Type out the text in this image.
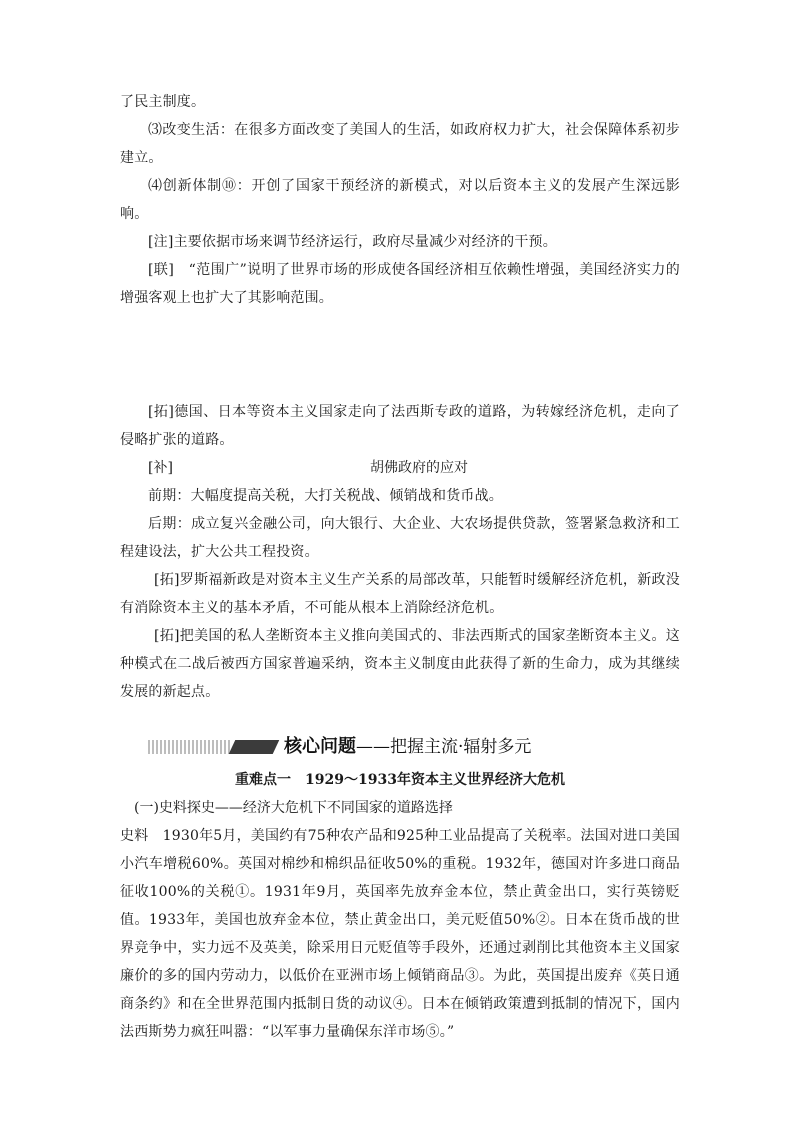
了民主制度。

⑶改变生活：在很多方面改变了美国人的生活，如政府权力扩大，社会保障体系初步建立。

⑷创新体制⑩：开创了国家干预经济的新模式，对以后资本主义的发展产生深远影响。

[注]主要依据市场来调节经济运行，政府尽量减少对经济的干预。

[联]　“范围广”说明了世界市场的形成使各国经济相互依赖性增强，美国经济实力的增强客观上也扩大了其影响范围。

[拓]德国、日本等资本主义国家走向了法西斯专政的道路，为转嫁经济危机，走向了侵略扩张的道路。

[补]	胡佛政府的应对

前期：大幅度提高关税，大打关税战、倾销战和货币战。

后期：成立复兴金融公司，向大银行、大企业、大农场提供贷款，签署紧急救济和工程建设法，扩大公共工程投资。

[拓]罗斯福新政是对资本主义生产关系的局部改革，只能暂时缓解经济危机，新政没有消除资本主义的基本矛盾，不可能从根本上消除经济危机。

[拓]把美国的私人垄断资本主义推向美国式的、非法西斯式的国家垄断资本主义。这种模式在二战后被西方国家普遍采纳，资本主义制度由此获得了新的生命力，成为其继续发展的新起点。

核心问题——把握主流·辐射多元

重难点一　1929～1933年资本主义世界经济大危机

(一)史料探史——经济大危机下不同国家的道路选择

史料　1930年5月，美国约有75种农产品和925种工业品提高了关税率。法国对进口美国小汽车增税60%。英国对棉纱和棉织品征收50%的重税。1932年，德国对许多进口商品征收100%的关税①。1931年9月，英国率先放弃金本位，禁止黄金出口，实行英镑贬值。1933年，美国也放弃金本位，禁止黄金出口，美元贬值50%②。日本在货币战的世界竞争中，实力远不及英美，除采用日元贬值等手段外，还通过剥削比其他资本主义国家廉价的多的国内劳动力，以低价在亚洲市场上倾销商品③。为此，英国提出废弃《英日通商条约》和在全世界范围内抵制日货的动议④。日本在倾销政策遭到抵制的情况下，国内法西斯势力疯狂叫嚣：“以军事力量确保东洋市场⑤。”
